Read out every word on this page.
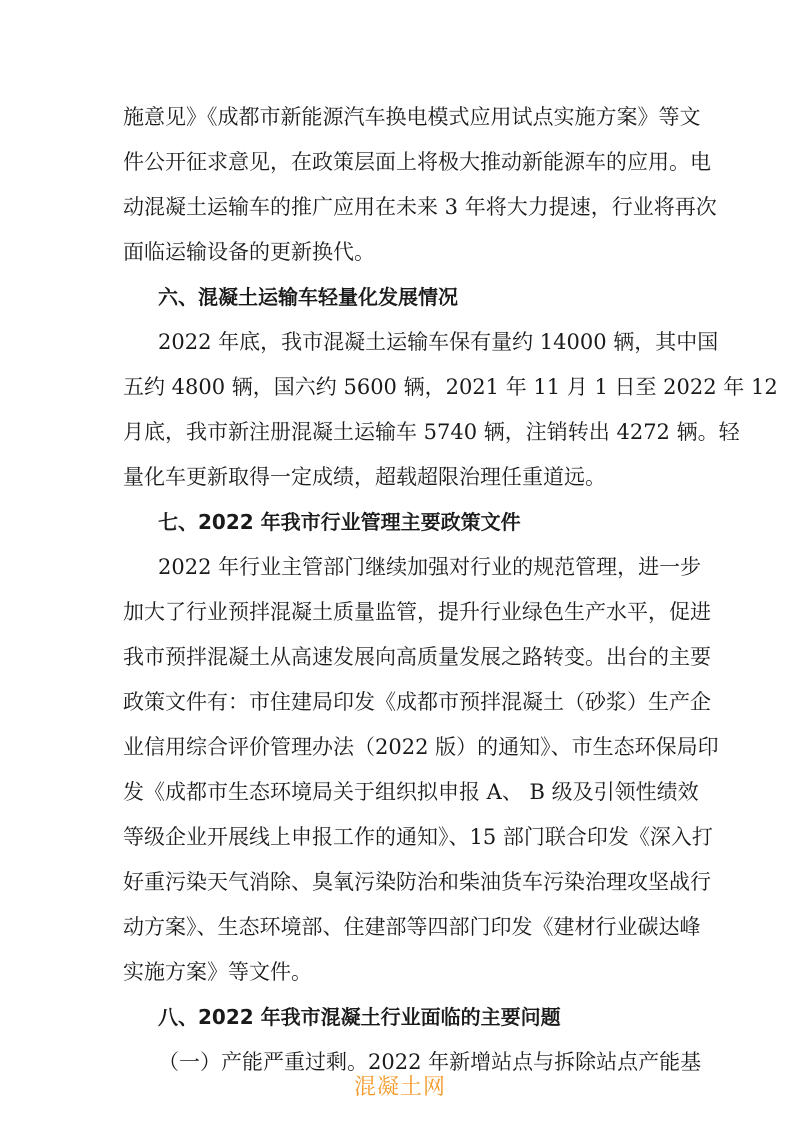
施意见》《成都市新能源汽车换电模式应用试点实施方案》等文
件公开征求意见，在政策层面上将极大推动新能源车的应用。电
动混凝土运输车的推广应用在未来 3 年将大力提速，行业将再次
面临运输设备的更新换代。
六、混凝土运输车轻量化发展情况
2022 年底，我市混凝土运输车保有量约 14000 辆，其中国
五约 4800 辆，国六约 5600 辆，2021 年 11 月 1 日至 2022 年 12
月底，我市新注册混凝土运输车 5740 辆，注销转出 4272 辆。轻
量化车更新取得一定成绩，超载超限治理任重道远。
七、2022 年我市行业管理主要政策文件
2022 年行业主管部门继续加强对行业的规范管理，进一步
加大了行业预拌混凝土质量监管，提升行业绿色生产水平，促进
我市预拌混凝土从高速发展向高质量发展之路转变。出台的主要
政策文件有：市住建局印发《成都市预拌混凝土（砂浆）生产企
业信用综合评价管理办法（2022 版）的通知》、市生态环保局印
发《成都市生态环境局关于组织拟申报 A、 B 级及引领性绩效
等级企业开展线上申报工作的通知》、15 部门联合印发《深入打
好重污染天气消除、臭氧污染防治和柴油货车污染治理攻坚战行
动方案》、生态环境部、住建部等四部门印发《建材行业碳达峰
实施方案》等文件。
八、2022 年我市混凝土行业面临的主要问题
（一）产能严重过剩。2022 年新增站点与拆除站点产能基
混凝土网
